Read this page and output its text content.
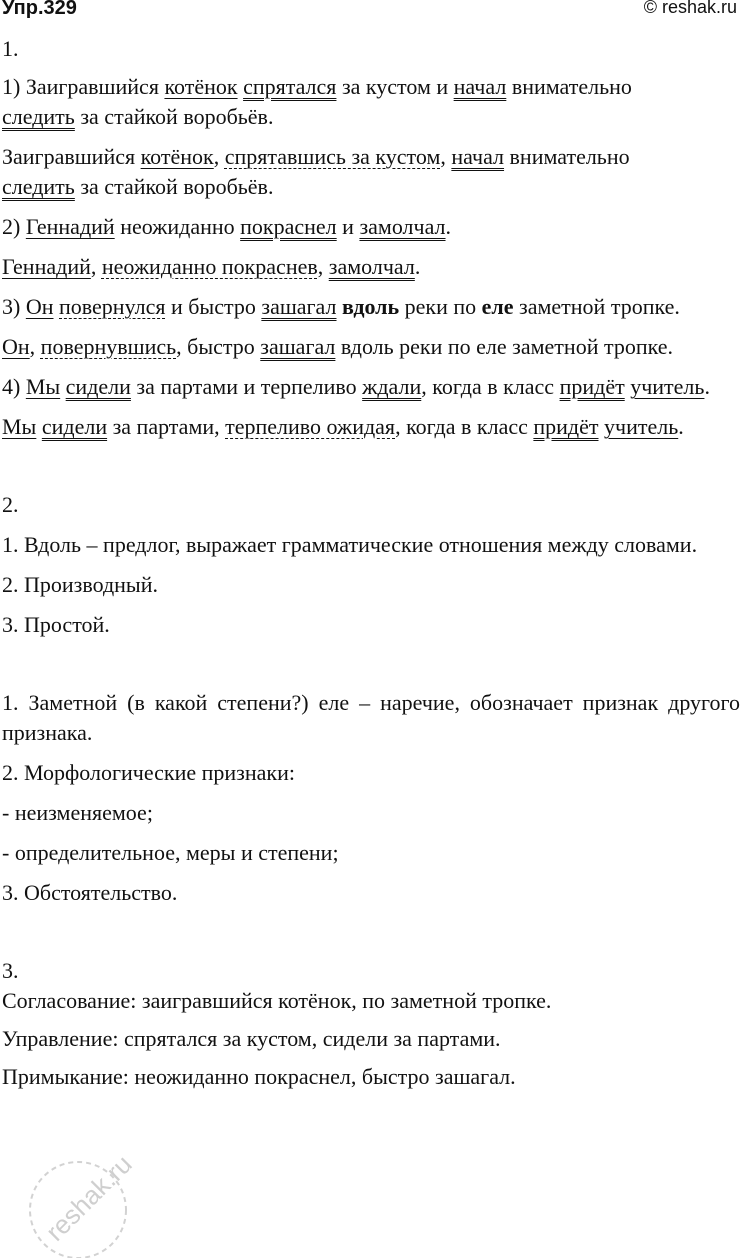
Упр.329	© reshak.ru

1.

1) Заигравшийся котёнок спрятался за кустом и начал внимательно
следить за стайкой воробьёв.

Заигравшийся котёнок, спрятавшись за кустом, начал внимательно
следить за стайкой воробьёв.

2) Геннадий неожиданно покраснел и замолчал.

Геннадий, неожиданно покраснев, замолчал.

3) Он повернулся и быстро зашагал вдоль реки по еле заметной тропке.

Он, повернувшись, быстро зашагал вдоль реки по еле заметной тропке.

4) Мы сидели за партами и терпеливо ждали, когда в класс придёт учитель.

Мы сидели за партами, терпеливо ожидая, когда в класс придёт учитель.

2.

1. Вдоль – предлог, выражает грамматические отношения между словами.

2. Производный.

3. Простой.

1. Заметной (в какой степени?) еле – наречие, обозначает признак другого признака.

2. Морфологические признаки:

- неизменяемое;

- определительное, меры и степени;

3. Обстоятельство.

3.

Согласование: заигравшийся котёнок, по заметной тропке.

Управление: спрятался за кустом, сидели за партами.

Примыкание: неожиданно покраснел, быстро зашагал.

reshak.ru
